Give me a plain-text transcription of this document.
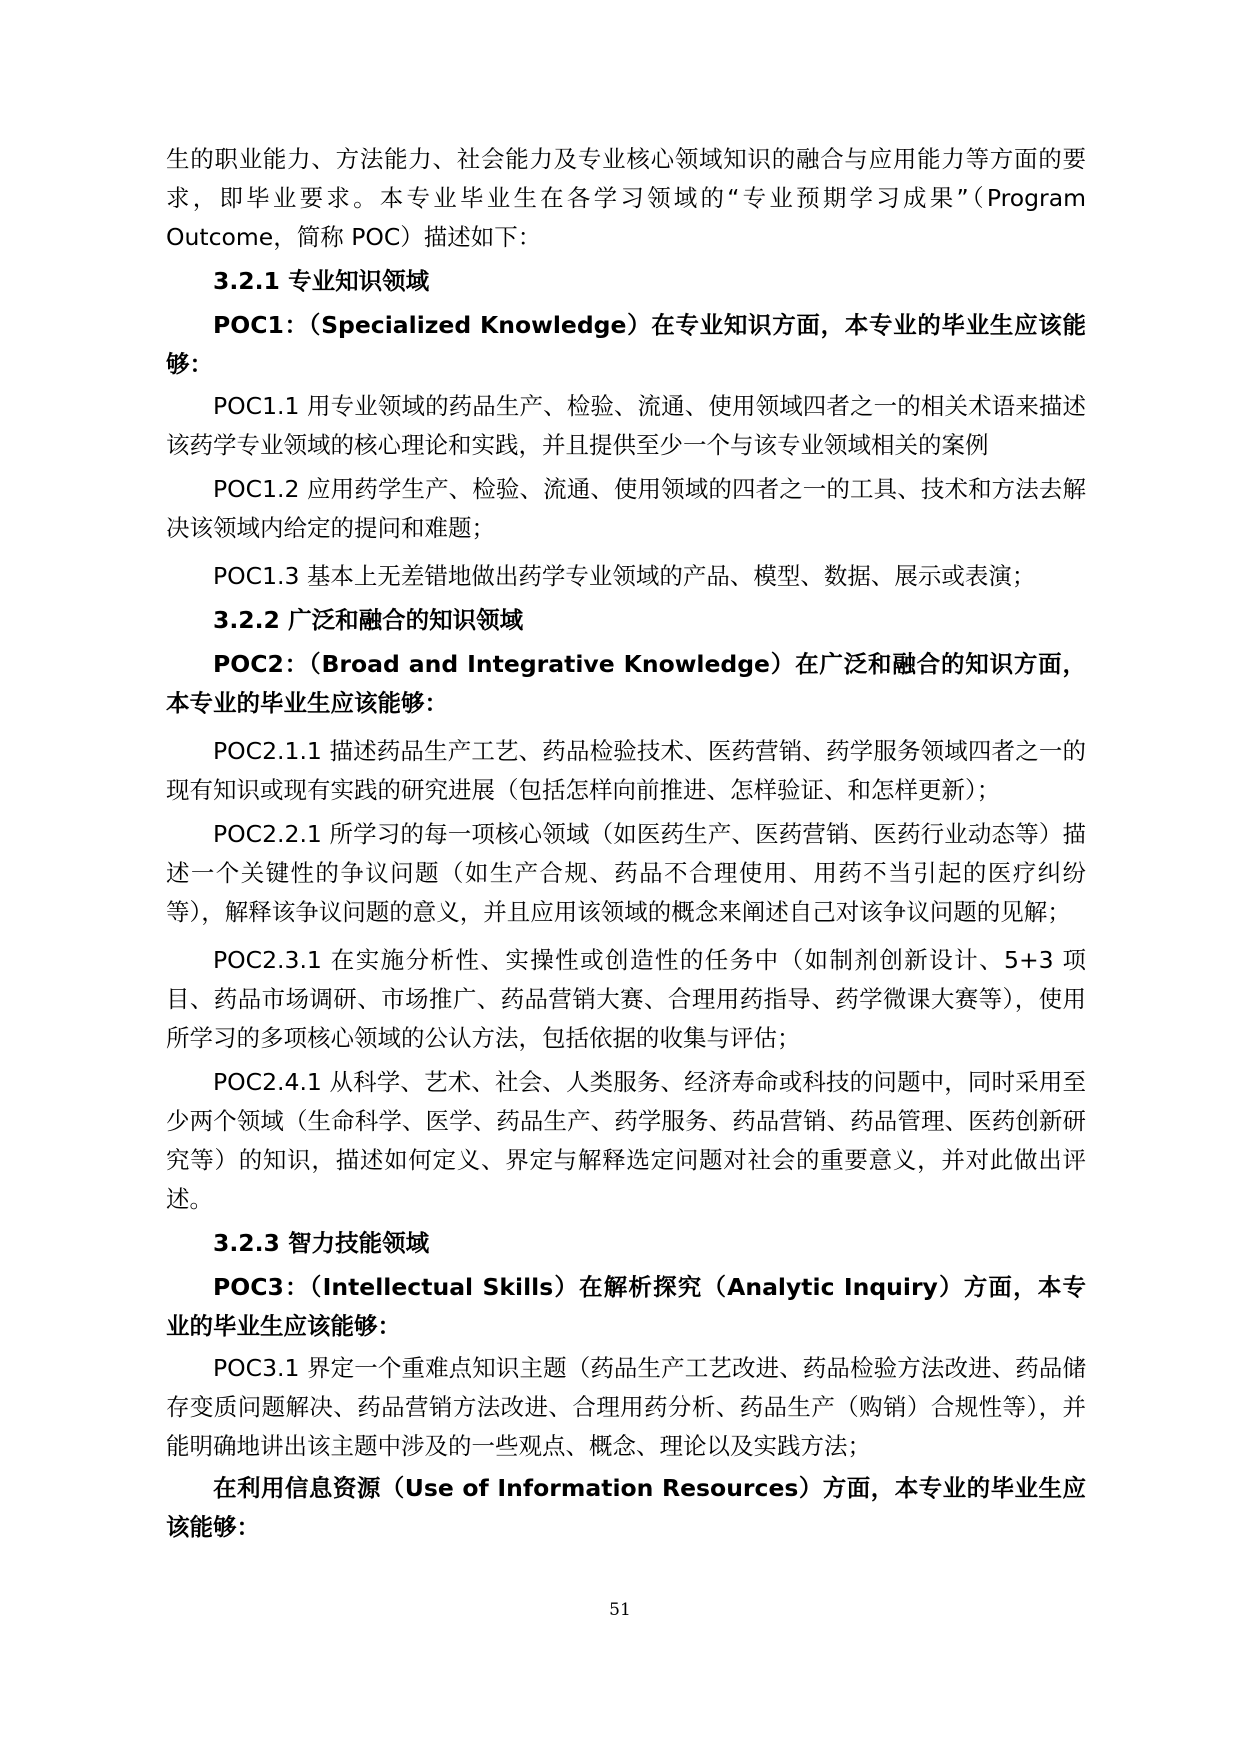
生的职业能力、方法能力、社会能力及专业核心领域知识的融合与应用能力等方面的要求，即毕业要求。本专业毕业生在各学习领域的“专业预期学习成果”（Program Outcome，简称 POC）描述如下：

3.2.1 专业知识领域

POC1：（Specialized Knowledge）在专业知识方面，本专业的毕业生应该能够：

POC1.1 用专业领域的药品生产、检验、流通、使用领域四者之一的相关术语来描述该药学专业领域的核心理论和实践，并且提供至少一个与该专业领域相关的案例

POC1.2 应用药学生产、检验、流通、使用领域的四者之一的工具、技术和方法去解决该领域内给定的提问和难题；

POC1.3 基本上无差错地做出药学专业领域的产品、模型、数据、展示或表演；

3.2.2 广泛和融合的知识领域

POC2：（Broad and Integrative Knowledge）在广泛和融合的知识方面，本专业的毕业生应该能够：

POC2.1.1 描述药品生产工艺、药品检验技术、医药营销、药学服务领域四者之一的现有知识或现有实践的研究进展（包括怎样向前推进、怎样验证、和怎样更新）；

POC2.2.1 所学习的每一项核心领域（如医药生产、医药营销、医药行业动态等）描述一个关键性的争议问题（如生产合规、药品不合理使用、用药不当引起的医疗纠纷等），解释该争议问题的意义，并且应用该领域的概念来阐述自己对该争议问题的见解；

POC2.3.1 在实施分析性、实操性或创造性的任务中（如制剂创新设计、5+3 项目、药品市场调研、市场推广、药品营销大赛、合理用药指导、药学微课大赛等），使用所学习的多项核心领域的公认方法，包括依据的收集与评估；

POC2.4.1 从科学、艺术、社会、人类服务、经济寿命或科技的问题中，同时采用至少两个领域（生命科学、医学、药品生产、药学服务、药品营销、药品管理、医药创新研究等）的知识，描述如何定义、界定与解释选定问题对社会的重要意义，并对此做出评述。

3.2.3 智力技能领域

POC3：（Intellectual Skills）在解析探究（Analytic Inquiry）方面，本专业的毕业生应该能够：

POC3.1 界定一个重难点知识主题（药品生产工艺改进、药品检验方法改进、药品储存变质问题解决、药品营销方法改进、合理用药分析、药品生产（购销）合规性等），并能明确地讲出该主题中涉及的一些观点、概念、理论以及实践方法；

在利用信息资源（Use of Information Resources）方面，本专业的毕业生应该能够：

51
